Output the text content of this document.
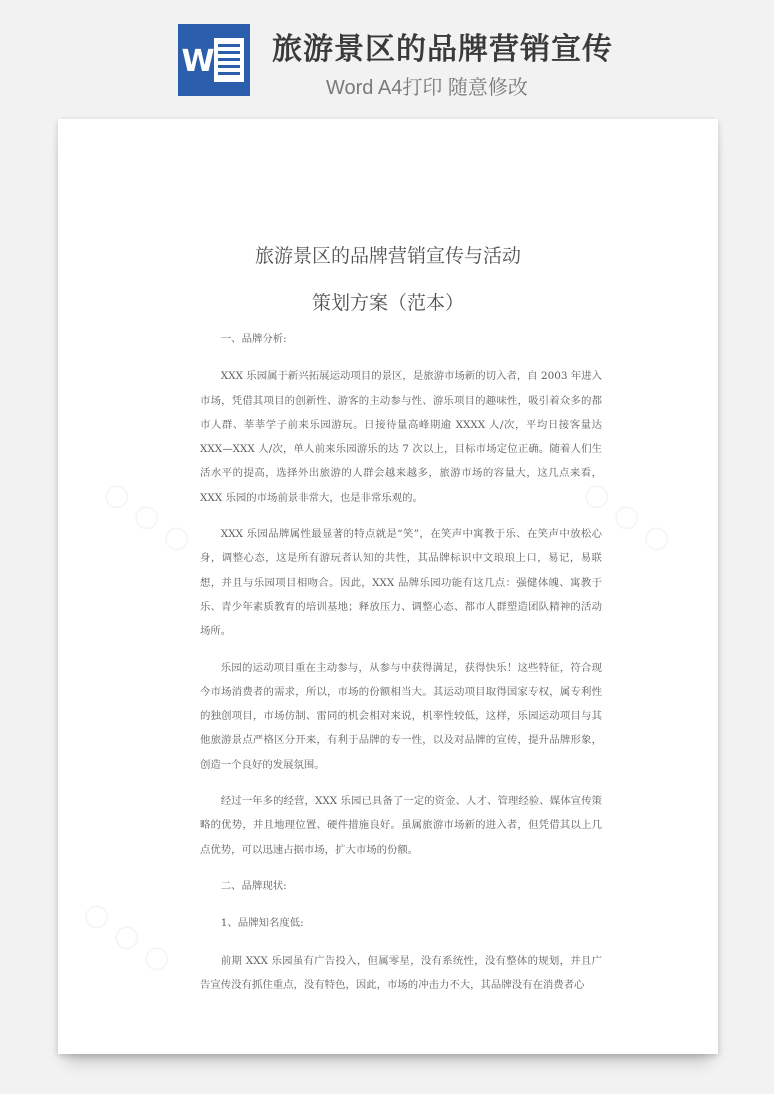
W 旅游景区的品牌营销宣传
Word A4打印 随意修改
○ ○ ○	○ ○ ○
○ ○ ○
旅游景区的品牌营销宣传与活动
策划方案（范本）

一、品牌分析:

XXX 乐园属于新兴拓展运动项目的景区，是旅游市场新的切入者，自 2003 年进入市场，凭借其项目的创新性、游客的主动参与性、游乐项目的趣味性，吸引着众多的都市人群、莘莘学子前来乐园游玩。日接待量高峰期逾 XXXX 人/次，平均日接客量达 XXX—XXX 人/次，单人前来乐园游乐的达 7 次以上，目标市场定位正确。随着人们生活水平的提高，选择外出旅游的人群会越来越多，旅游市场的容量大，这几点来看，XXX 乐园的市场前景非常大，也是非常乐观的。

XXX 乐园品牌属性最显著的特点就是“笑”，在笑声中寓教于乐、在笑声中放松心身，调整心态，这是所有游玩者认知的共性，其品牌标识中文琅琅上口，易记，易联想，并且与乐园项目相吻合。因此，XXX 品牌乐园功能有这几点：强健体魄、寓教于乐、青少年素质教育的培训基地；释放压力、调整心态、都市人群塑造团队精神的活动场所。

乐园的运动项目重在主动参与，从参与中获得满足，获得快乐！这些特征，符合现今市场消费者的需求，所以，市场的份额相当大。其运动项目取得国家专权，属专利性的独创项目，市场仿制、雷同的机会相对来说，机率性较低，这样，乐园运动项目与其他旅游景点严格区分开来，有利于品牌的专一性，以及对品牌的宣传，提升品牌形象，创造一个良好的发展氛围。

经过一年多的经营，XXX 乐园已具备了一定的资金、人才、管理经验、媒体宣传策略的优势，并且地理位置、硬件措施良好。虽属旅游市场新的进入者，但凭借其以上几点优势，可以迅速占据市场，扩大市场的份额。

二、品牌现状:

1、品牌知名度低:

前期 XXX 乐园虽有广告投入，但属零星，没有系统性，没有整体的规划，并且广告宣传没有抓住重点，没有特色，因此，市场的冲击力不大，其品牌没有在消费者心
